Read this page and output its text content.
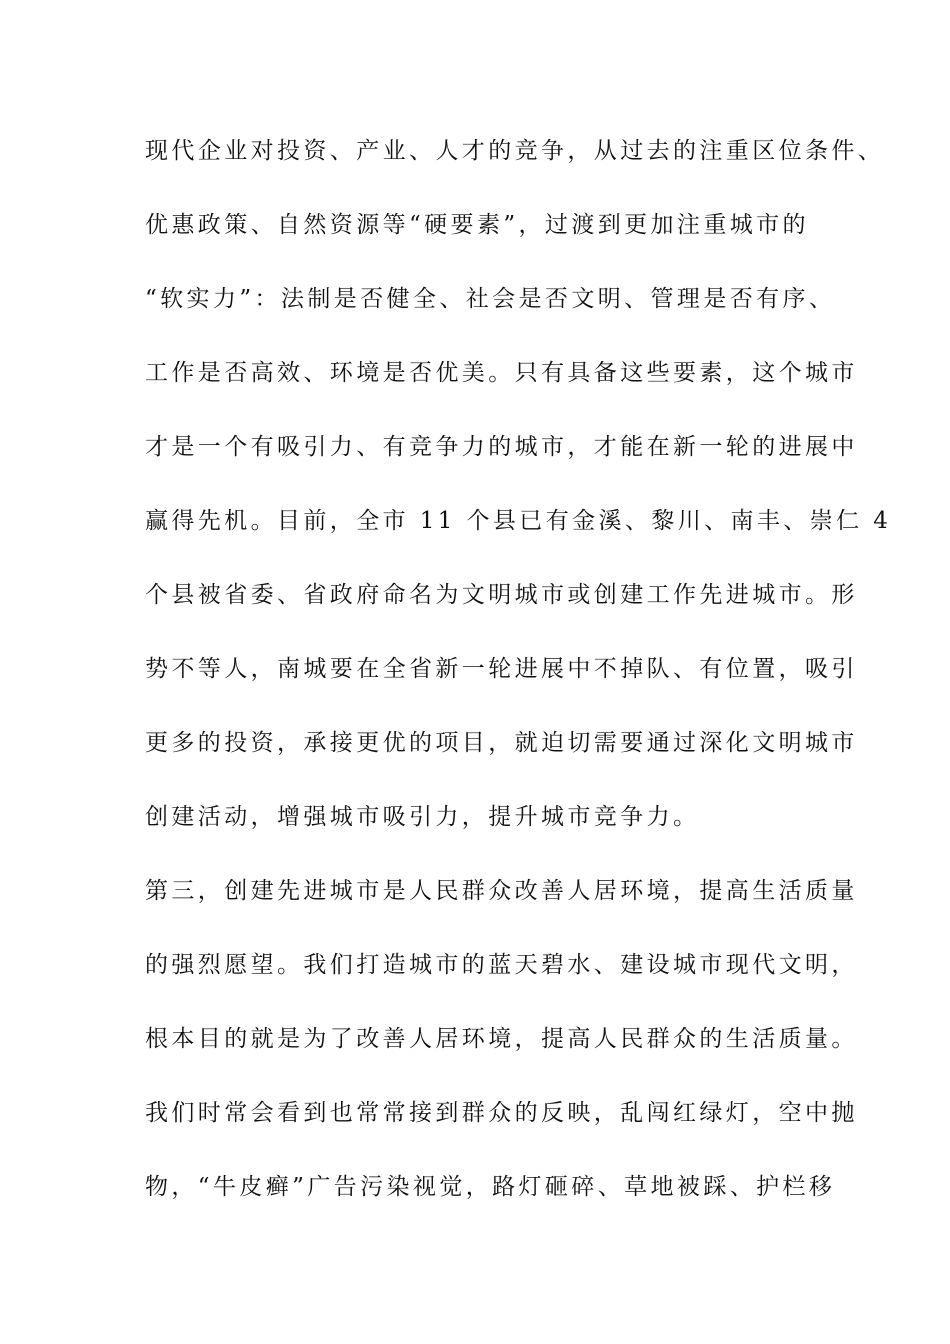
现代企业对投资、产业、人才的竞争，从过去的注重区位条件、
优惠政策、自然资源等“硬要素”，过渡到更加注重城市的
“软实力”：法制是否健全、社会是否文明、管理是否有序、
工作是否高效、环境是否优美。只有具备这些要素，这个城市
才是一个有吸引力、有竞争力的城市，才能在新一轮的进展中
赢得先机。目前，全市 11 个县已有金溪、黎川、南丰、崇仁 4
个县被省委、省政府命名为文明城市或创建工作先进城市。形
势不等人，南城要在全省新一轮进展中不掉队、有位置，吸引
更多的投资，承接更优的项目，就迫切需要通过深化文明城市
创建活动，增强城市吸引力，提升城市竞争力。
第三，创建先进城市是人民群众改善人居环境，提高生活质量
的强烈愿望。我们打造城市的蓝天碧水、建设城市现代文明，
根本目的就是为了改善人居环境，提高人民群众的生活质量。
我们时常会看到也常常接到群众的反映，乱闯红绿灯，空中抛
物，“牛皮癣”广告污染视觉，路灯砸碎、草地被踩、护栏移
